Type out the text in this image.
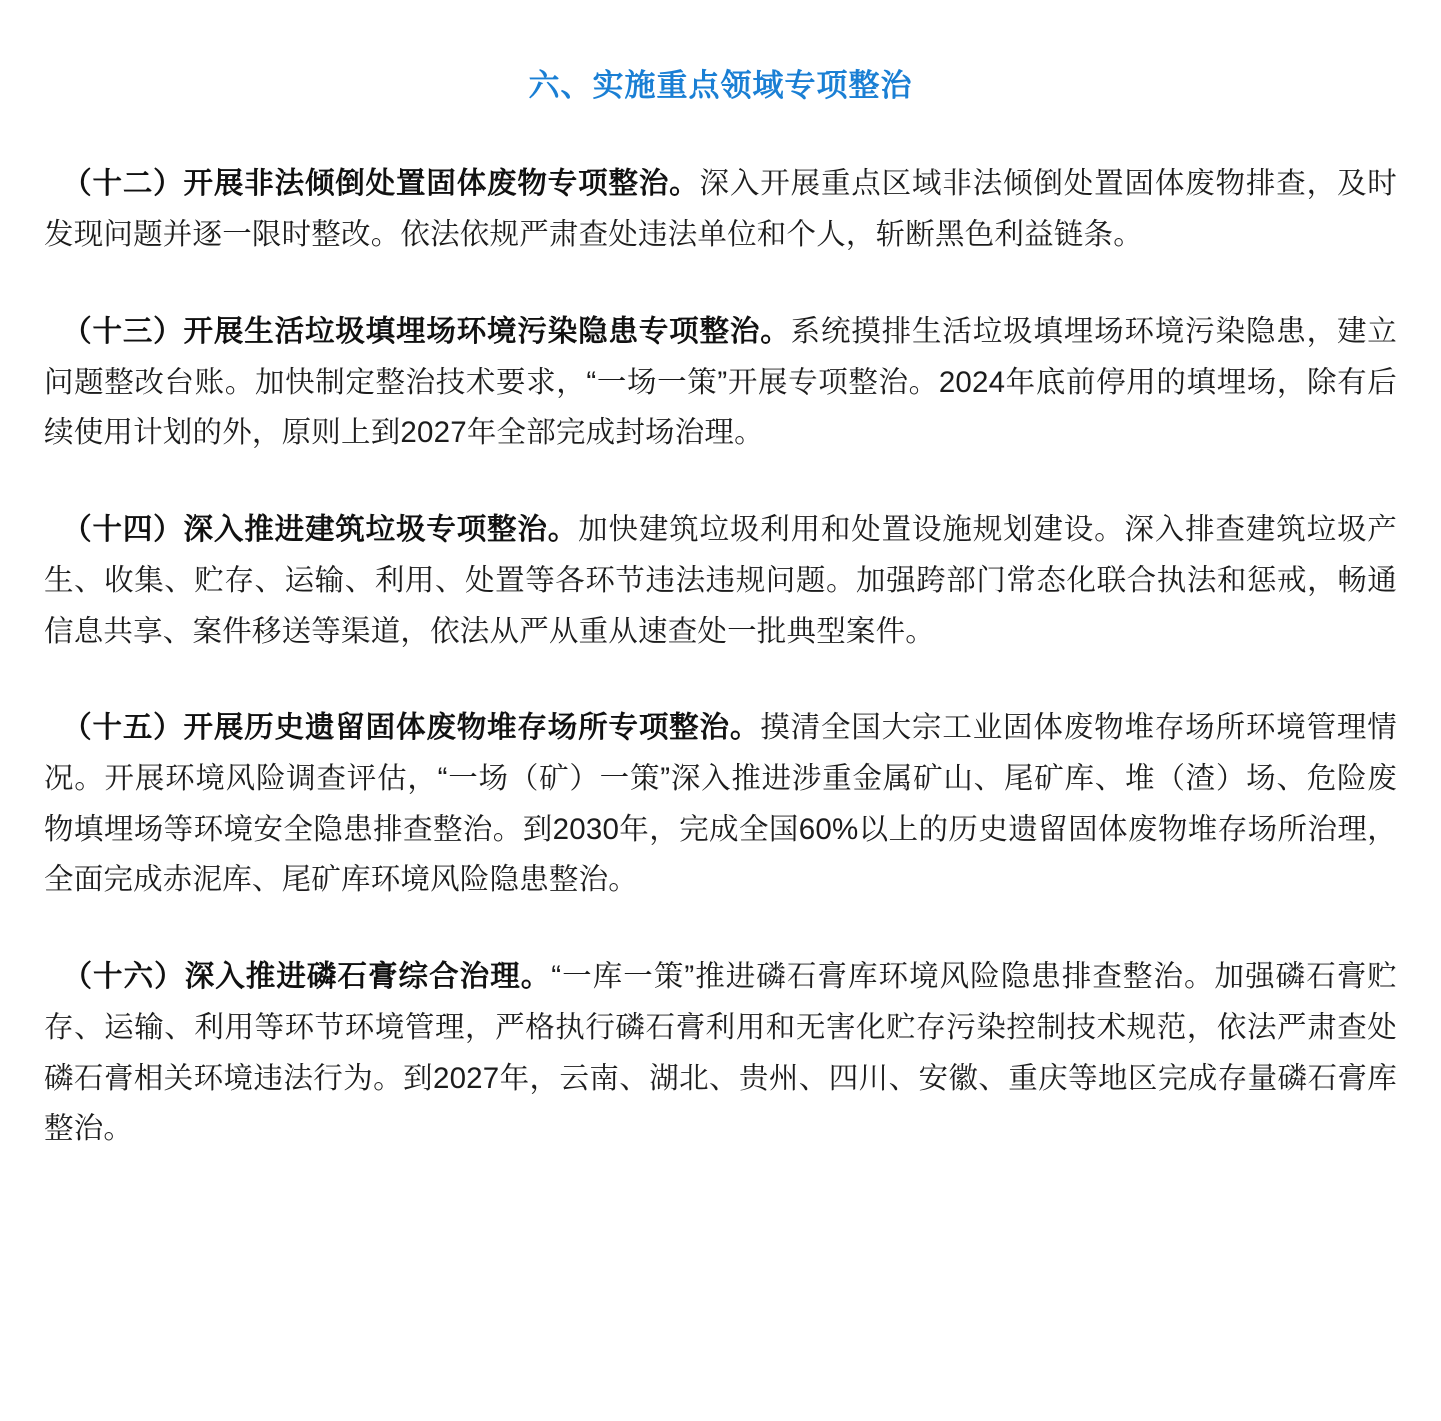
六、实施重点领域专项整治

（十二）开展非法倾倒处置固体废物专项整治。深入开展重点区域非法倾倒处置固体废物排查，及时发现问题并逐一限时整改。依法依规严肃查处违法单位和个人，斩断黑色利益链条。

（十三）开展生活垃圾填埋场环境污染隐患专项整治。系统摸排生活垃圾填埋场环境污染隐患，建立问题整改台账。加快制定整治技术要求，“一场一策”开展专项整治。2024年底前停用的填埋场，除有后续使用计划的外，原则上到2027年全部完成封场治理。

（十四）深入推进建筑垃圾专项整治。加快建筑垃圾利用和处置设施规划建设。深入排查建筑垃圾产生、收集、贮存、运输、利用、处置等各环节违法违规问题。加强跨部门常态化联合执法和惩戒，畅通信息共享、案件移送等渠道，依法从严从重从速查处一批典型案件。

（十五）开展历史遗留固体废物堆存场所专项整治。摸清全国大宗工业固体废物堆存场所环境管理情况。开展环境风险调查评估，“一场（矿）一策”深入推进涉重金属矿山、尾矿库、堆（渣）场、危险废物填埋场等环境安全隐患排查整治。到2030年，完成全国60%以上的历史遗留固体废物堆存场所治理，全面完成赤泥库、尾矿库环境风险隐患整治。

（十六）深入推进磷石膏综合治理。“一库一策”推进磷石膏库环境风险隐患排查整治。加强磷石膏贮存、运输、利用等环节环境管理，严格执行磷石膏利用和无害化贮存污染控制技术规范，依法严肃查处磷石膏相关环境违法行为。到2027年，云南、湖北、贵州、四川、安徽、重庆等地区完成存量磷石膏库整治。
